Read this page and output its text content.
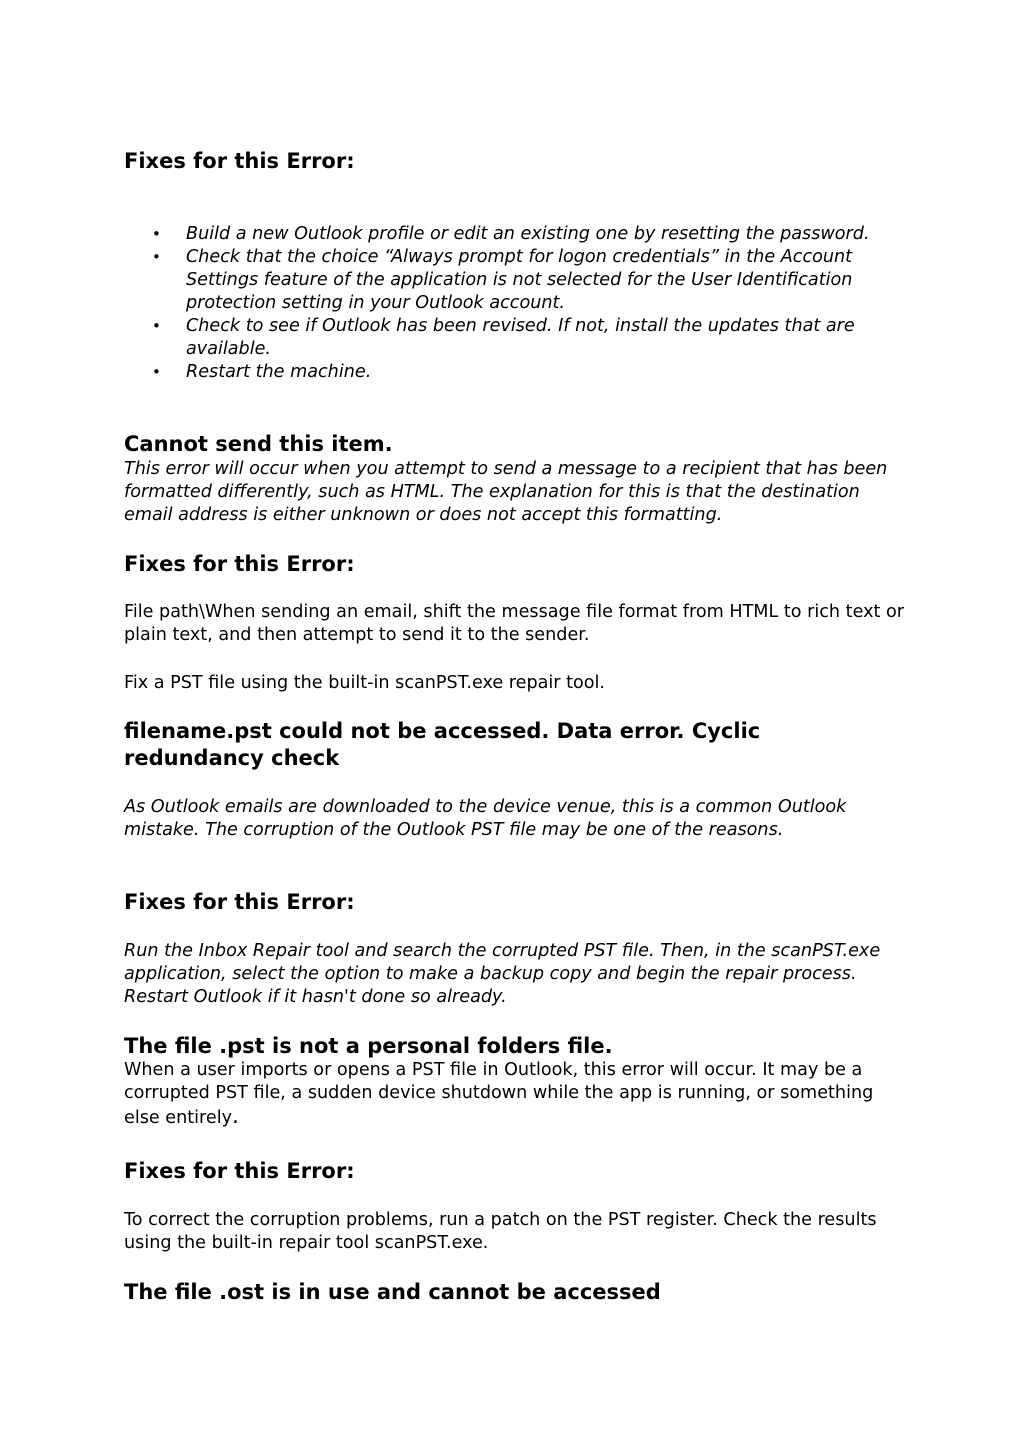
Fixes for this Error:
• Build a new Outlook profile or edit an existing one by resetting the password.
• Check that the choice “Always prompt for logon credentials” in the Account Settings feature of the application is not selected for the User Identification protection setting in your Outlook account.
• Check to see if Outlook has been revised. If not, install the updates that are available.
• Restart the machine.
Cannot send this item.

This error will occur when you attempt to send a message to a recipient that has been formatted differently, such as HTML. The explanation for this is that the destination email address is either unknown or does not accept this formatting.

Fixes for this Error:

File path\When sending an email, shift the message file format from HTML to rich text or plain text, and then attempt to send it to the sender.

Fix a PST file using the built-in scanPST.exe repair tool.

filename.pst could not be accessed. Data error. Cyclic redundancy check

As Outlook emails are downloaded to the device venue, this is a common Outlook mistake. The corruption of the Outlook PST file may be one of the reasons.

Fixes for this Error:

Run the Inbox Repair tool and search the corrupted PST file. Then, in the scanPST.exe application, select the option to make a backup copy and begin the repair process. Restart Outlook if it hasn't done so already.

The file .pst is not a personal folders file.

When a user imports or opens a PST file in Outlook, this error will occur. It may be a corrupted PST file, a sudden device shutdown while the app is running, or something else entirely.

Fixes for this Error:

To correct the corruption problems, run a patch on the PST register. Check the results using the built-in repair tool scanPST.exe.

The file .ost is in use and cannot be accessed
